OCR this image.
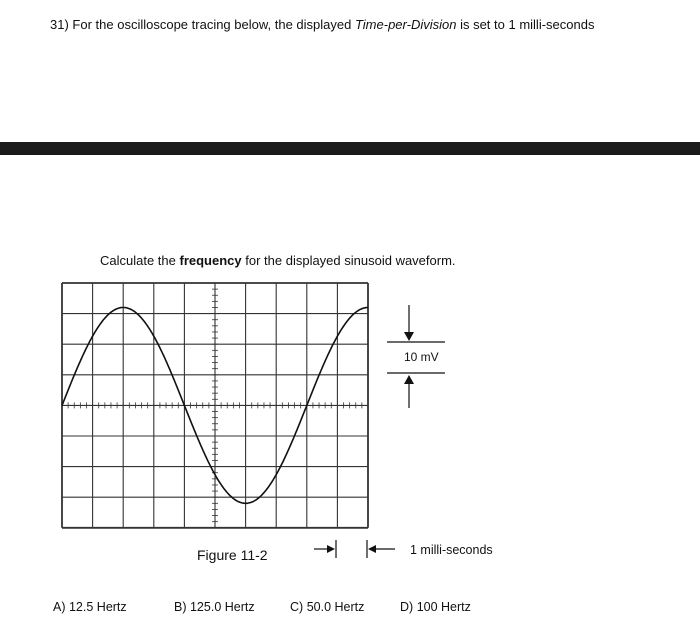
31) For the oscilloscope tracing below, the displayed Time-per-Division is set to 1 milli-seconds
Calculate the frequency for the displayed sinusoid waveform.
10 mV
Figure 11-2	1 milli-seconds
A) 12.5 Hertz	B) 125.0 Hertz	C) 50.0 Hertz	D) 100 Hertz
